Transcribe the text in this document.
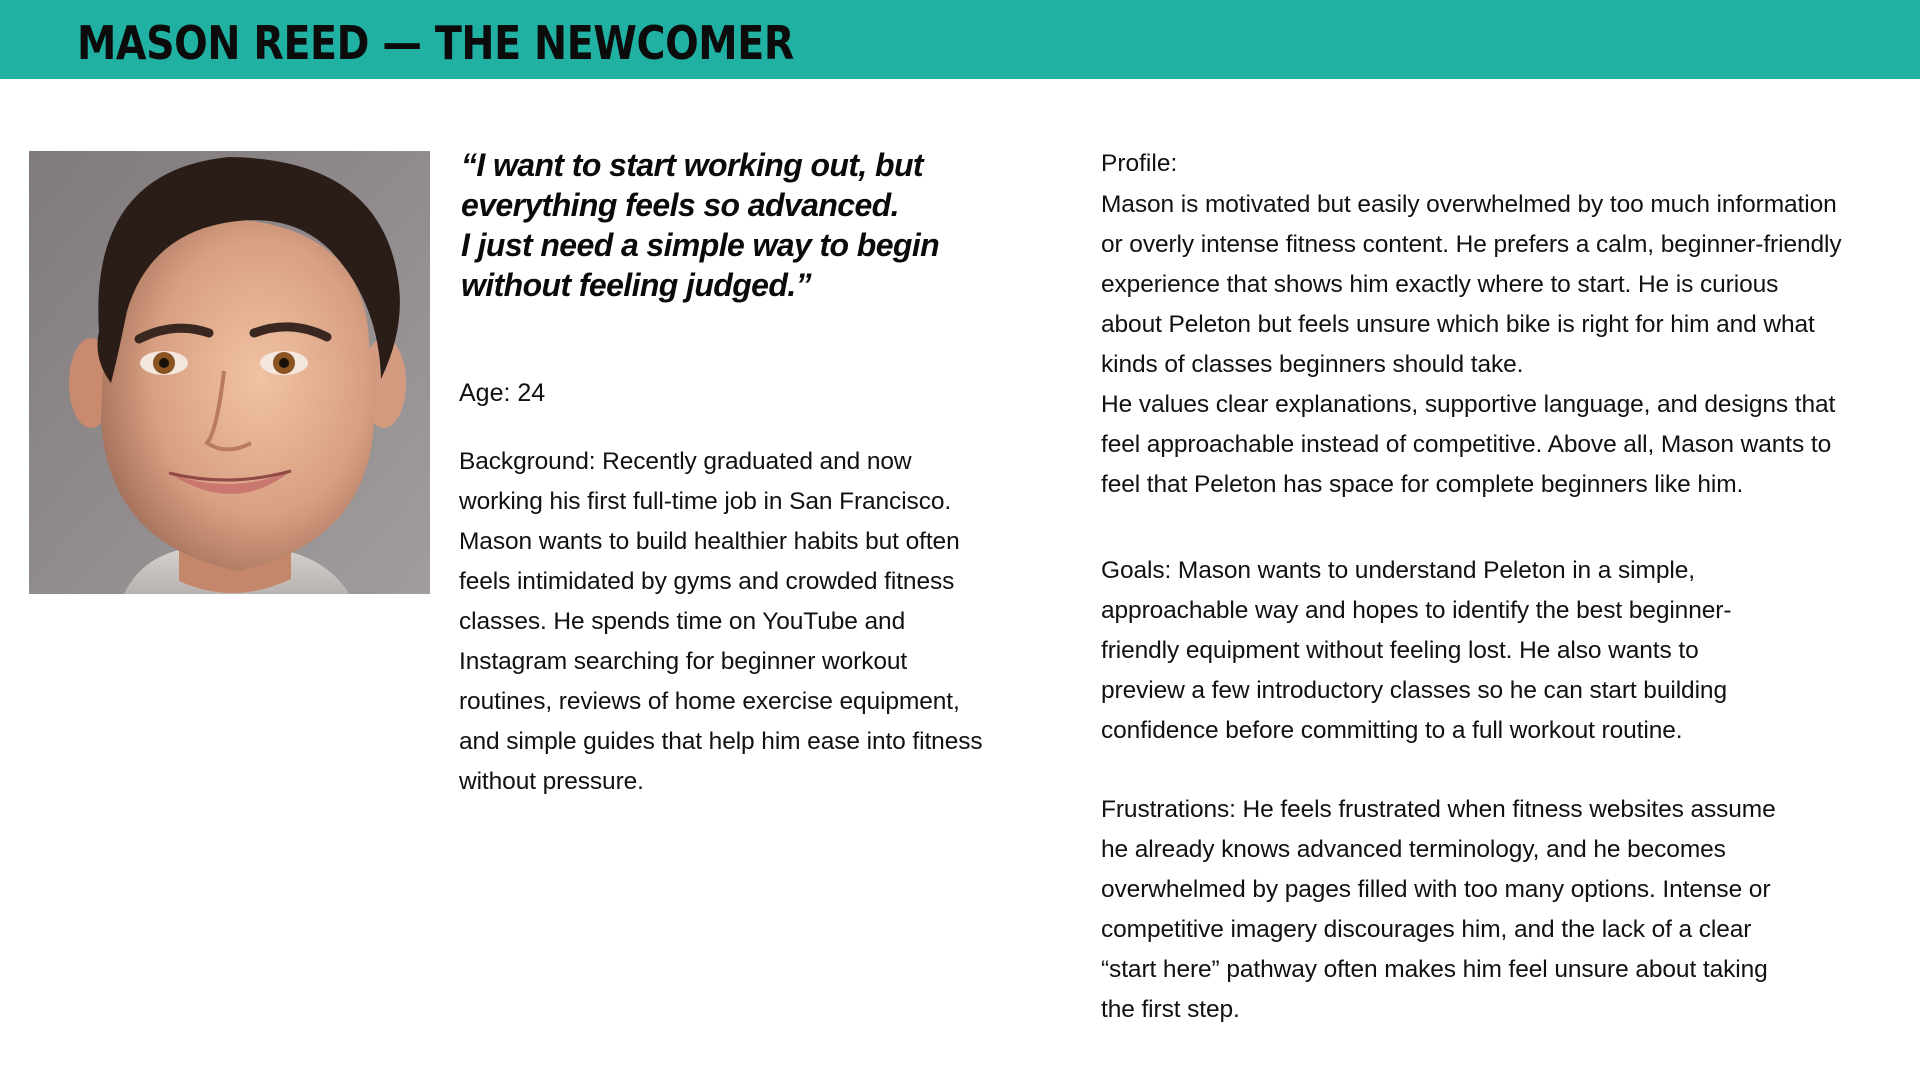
MASON REED — THE NEWCOMER
“I want to start working out, but
everything feels so advanced.
I just need a simple way to begin
without feeling judged.”

Age: 24

Background: Recently graduated and now
working his first full-time job in San Francisco.
Mason wants to build healthier habits but often
feels intimidated by gyms and crowded fitness
classes. He spends time on YouTube and
Instagram searching for beginner workout
routines, reviews of home exercise equipment,
and simple guides that help him ease into fitness
without pressure.

Profile:

Mason is motivated but easily overwhelmed by too much information
or overly intense fitness content. He prefers a calm, beginner-friendly
experience that shows him exactly where to start. He is curious
about Peleton but feels unsure which bike is right for him and what
kinds of classes beginners should take.
He values clear explanations, supportive language, and designs that
feel approachable instead of competitive. Above all, Mason wants to
feel that Peleton has space for complete beginners like him.
Goals: Mason wants to understand Peleton in a simple,
approachable way and hopes to identify the best beginner-
friendly equipment without feeling lost. He also wants to
preview a few introductory classes so he can start building
confidence before committing to a full workout routine.
Frustrations: He feels frustrated when fitness websites assume
he already knows advanced terminology, and he becomes
overwhelmed by pages filled with too many options. Intense or
competitive imagery discourages him, and the lack of a clear
“start here” pathway often makes him feel unsure about taking
the first step.
